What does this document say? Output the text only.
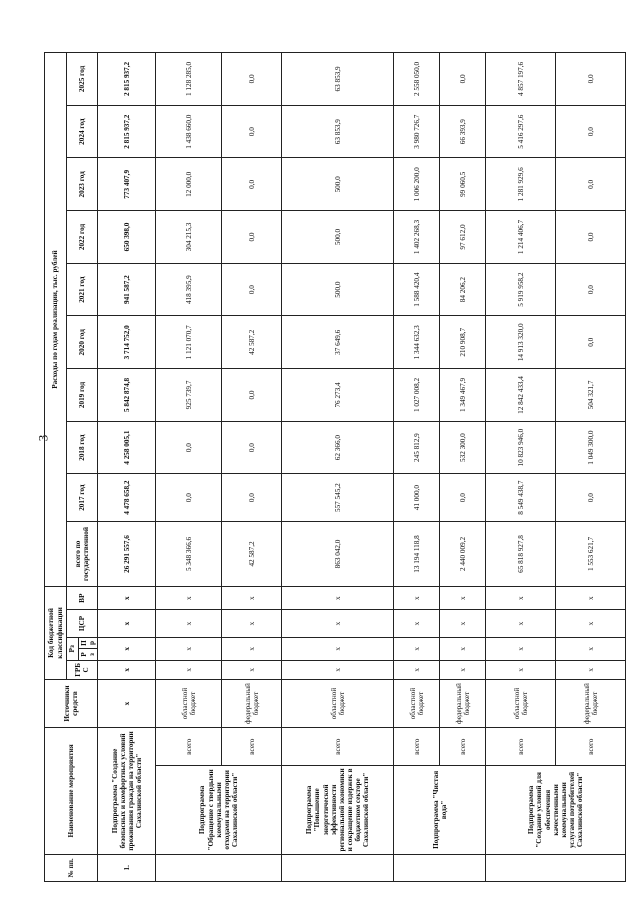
3
№ пп.	Наименование мероприятия		Источники средств	Код бюджетной классификации					Расходы по годам реализации, тыс. рублей									
				ГРБС	Рз		ЦСР	ВР	всего по государственной	2017 год	2018 год	2019 год	2020 год	2021 год	2022 год	2023 год	2024 год	2025 год
					Рз	Пр												
1.	Подпрограмма "Создание безопасных и комфортных условий проживания граждан на территории Сахалинской области"		х	х	х		х	х	26 291 557,6	4 478 658,2	4 258 005,1	5 842 874,8	3 714 752,0	941 587,2	650 398,0	773 407,9	2 815 937,2	2 815 937,2
	Подпрограмма "Обращение с твердыми коммунальными отходами на территории Сахалинской области"	всего	областной бюджет	х	х		х	х	5 348 366,6	0,0	0,0	925 739,7	1 121 070,7	418 395,9	304 215,3	12 000,0	1 438 660,0	1 128 285,0
		всего	федеральный бюджет	х	х		х	х	42 587,2	0,0	0,0	0,0	42 587,2	0,0	0,0	0,0	0,0	0,0
	Подпрограмма "Повышение энергетической эффективности региональной экономики и сокращение издержек в бюджетном секторе Сахалинской области"	всего	областной бюджет	х	х		х	х	863 042,0	557 545,2	62 366,0	76 273,4	37 649,6	500,0	500,0	500,0	63 853,9	63 853,9
	Подпрограмма "Чистая вода"	всего	областной бюджет	х	х		х	х	13 194 118,8	41 000,0	245 812,9	1 027 008,2	1 344 632,3	1 588 420,4	1 402 268,3	1 006 200,0	3 980 726,7	2 558 050,0
		всего	федеральный бюджет	х	х		х	х	2 440 009,2	0,0	532 300,0	1 349 467,9	210 908,7	84 206,2	97 612,0	99 060,5	66 393,9	0,0
	Подпрограмма "Создание условий для обеспечения качественными коммунальными услугами потребителей Сахалинской области"	всего	областной бюджет	х	х		х	х	65 818 927,8	8 549 438,7	10 823 946,0	12 842 433,4	14 913 320,0	5 919 958,2	1 214 406,7	1 281 929,6	5 416 297,6	4 857 197,6
		всего	федеральный бюджет	х	х		х	х	1 553 621,7	0,0	1 049 300,0	504 321,7	0,0	0,0	0,0	0,0	0,0	0,0
